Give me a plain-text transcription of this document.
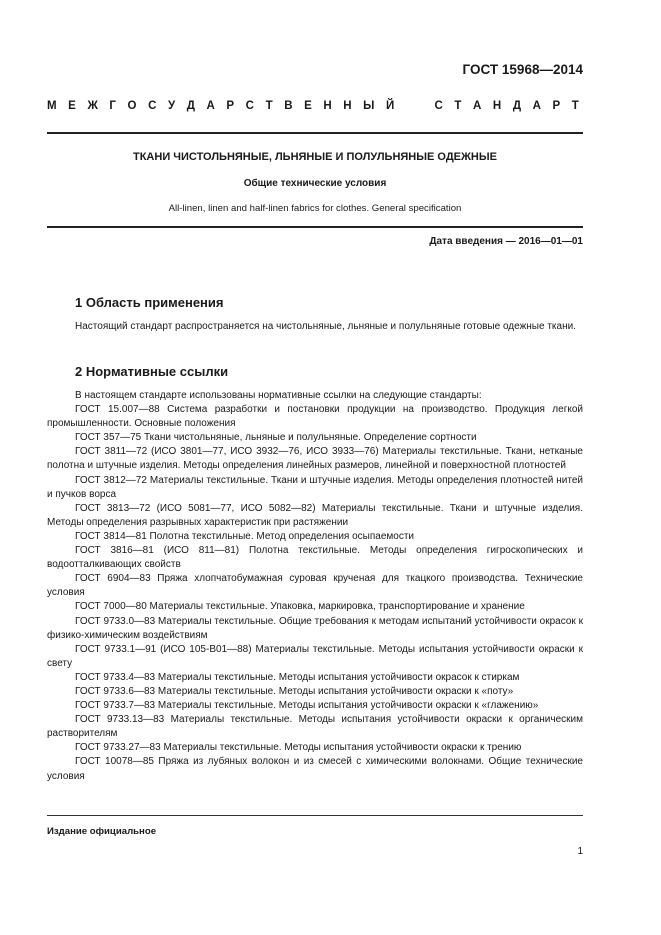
ГОСТ 15968—2014
М Е Ж Г О С У Д А Р С Т В Е Н Н Ы Й	С Т А Н Д А Р Т
ТКАНИ ЧИСТОЛЬНЯНЫЕ, ЛЬНЯНЫЕ И ПОЛУЛЬНЯНЫЕ ОДЕЖНЫЕ
Общие технические условия
All-linen, linen and half-linen fabrics for clothes. General specification
Дата введения — 2016—01—01
1 Область применения

Настоящий стандарт распространяется на чистольняные, льняные и полульняные готовые одежные ткани.

2 Нормативные ссылки

В настоящем стандарте использованы нормативные ссылки на следующие стандарты:

ГОСТ 15.007—88 Система разработки и постановки продукции на производство. Продукция легкой промышленности. Основные положения

ГОСТ 357—75 Ткани чистольняные, льняные и полульняные. Определение сортности

ГОСТ 3811—72 (ИСО 3801—77, ИСО 3932—76, ИСО 3933—76) Материалы текстильные. Ткани, нетканые полотна и штучные изделия. Методы определения линейных размеров, линейной и поверхностной плотностей

ГОСТ 3812—72 Материалы текстильные. Ткани и штучные изделия. Методы определения плотностей нитей и пучков ворса

ГОСТ 3813—72 (ИСО 5081—77, ИСО 5082—82) Материалы текстильные. Ткани и штучные изделия. Методы определения разрывных характеристик при растяжении

ГОСТ 3814—81 Полотна текстильные. Метод определения осыпаемости

ГОСТ 3816—81 (ИСО 811—81) Полотна текстильные. Методы определения гигроскопических и водоотталкивающих свойств

ГОСТ 6904—83 Пряжа хлопчатобумажная суровая крученая для ткацкого производства. Технические условия

ГОСТ 7000—80 Материалы текстильные. Упаковка, маркировка, транспортирование и хранение

ГОСТ 9733.0—83 Материалы текстильные. Общие требования к методам испытаний устойчивости окрасок к физико-химическим воздействиям

ГОСТ 9733.1—91 (ИСО 105-B01—88) Материалы текстильные. Методы испытания устойчивости окраски к свету

ГОСТ 9733.4—83 Материалы текстильные. Методы испытания устойчивости окрасок к стиркам

ГОСТ 9733.6—83 Материалы текстильные. Методы испытания устойчивости окраски к «поту»

ГОСТ 9733.7—83 Материалы текстильные. Методы испытания устойчивости окраски к «глажению»

ГОСТ 9733.13—83 Материалы текстильные. Методы испытания устойчивости окраски к органическим растворителям

ГОСТ 9733.27—83 Материалы текстильные. Методы испытания устойчивости окраски к трению

ГОСТ 10078—85 Пряжа из лубяных волокон и из смесей с химическими волокнами. Общие технические условия

Издание официальное
1
